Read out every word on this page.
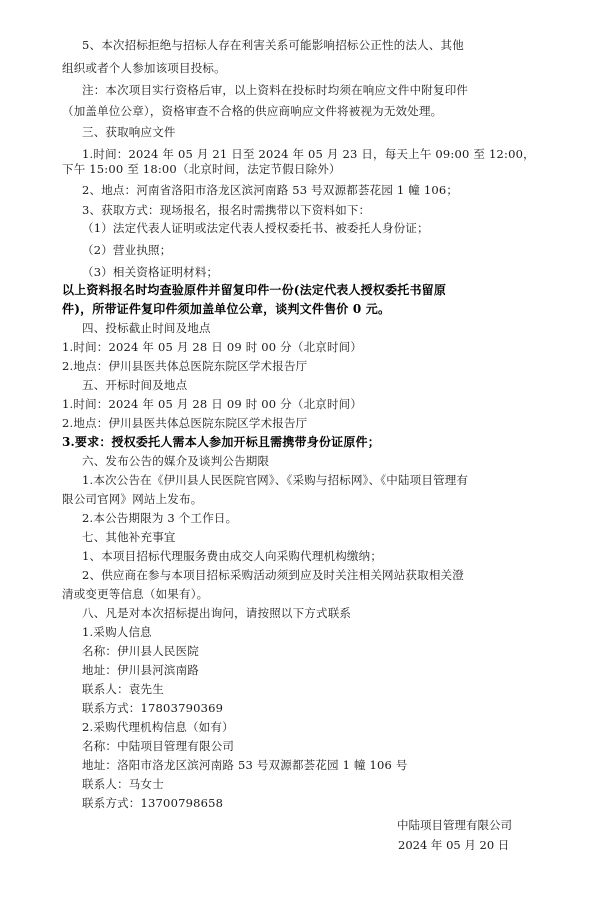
5、本次招标拒绝与招标人存在利害关系可能影响招标公正性的法人、其他
组织或者个人参加该项目投标。
注：本次项目实行资格后审，以上资料在投标时均须在响应文件中附复印件
（加盖单位公章），资格审查不合格的供应商响应文件将被视为无效处理。
三、获取响应文件
1.时间：2024 年 05 月 21 日至 2024 年 05 月 23 日，每天上午 09:00 至 12:00，
下午 15:00 至 18:00（北京时间，法定节假日除外）
2、地点：河南省洛阳市洛龙区滨河南路 53 号双源都荟花园 1 幢 106；
3、获取方式：现场报名，报名时需携带以下资料如下：
（1）法定代表人证明或法定代表人授权委托书、被委托人身份证；
（2）营业执照；
（3）相关资格证明材料；
以上资料报名时均查验原件并留复印件一份(法定代表人授权委托书留原
件)，所带证件复印件须加盖单位公章，谈判文件售价 0 元。
四、投标截止时间及地点
1.时间：2024 年 05 月 28 日 09 时 00 分（北京时间）
2.地点：伊川县医共体总医院东院区学术报告厅
五、开标时间及地点
1.时间：2024 年 05 月 28 日 09 时 00 分（北京时间）
2.地点：伊川县医共体总医院东院区学术报告厅
3.要求：授权委托人需本人参加开标且需携带身份证原件；
六、发布公告的媒介及谈判公告期限
1.本次公告在《伊川县人民医院官网》、《采购与招标网》、《中陆项目管理有
限公司官网》网站上发布。
2.本公告期限为 3 个工作日。
七、其他补充事宜
1、本项目招标代理服务费由成交人向采购代理机构缴纳；
2、供应商在参与本项目招标采购活动须到应及时关注相关网站获取相关澄
清或变更等信息（如果有）。
八、凡是对本次招标提出询问，请按照以下方式联系
1.采购人信息
名称：伊川县人民医院
地址：伊川县河滨南路
联系人：袁先生
联系方式：17803790369
2.采购代理机构信息（如有）
名称：中陆项目管理有限公司
地址：洛阳市洛龙区滨河南路 53 号双源都荟花园 1 幢 106 号
联系人：马女士
联系方式：13700798658
中陆项目管理有限公司
2024 年 05 月 20 日
